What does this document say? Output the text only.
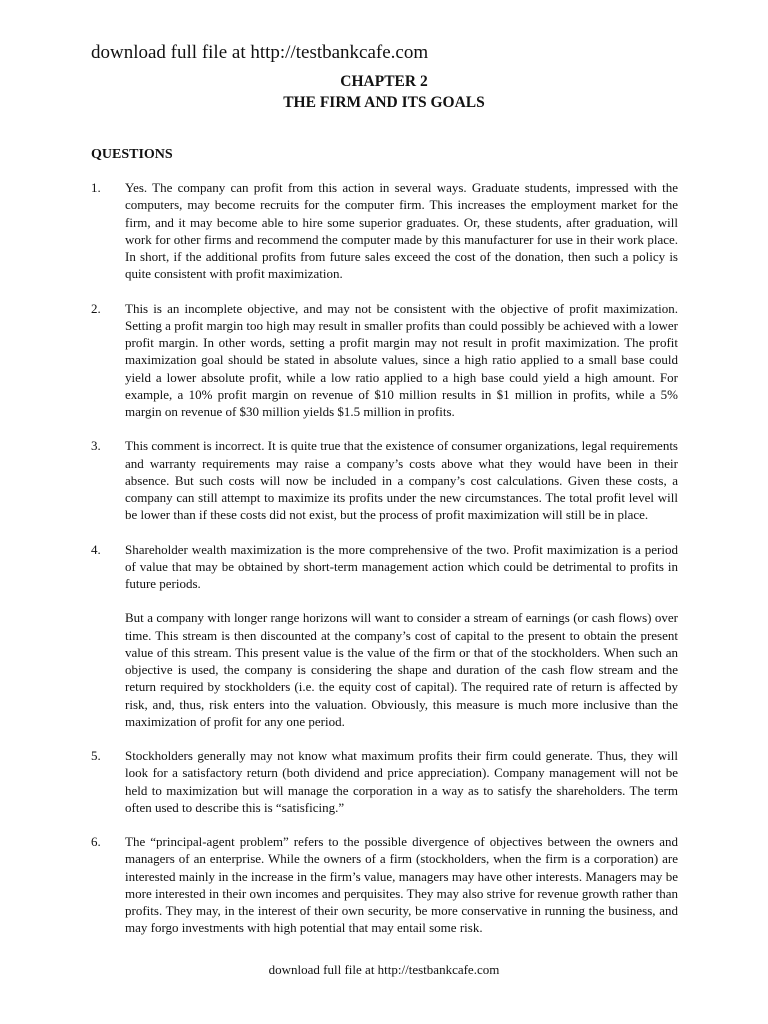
download full file at http://testbankcafe.com
CHAPTER 2
THE FIRM AND ITS GOALS
QUESTIONS
1.	Yes. The company can profit from this action in several ways. Graduate students, impressed with the computers, may become recruits for the computer firm. This increases the employment market for the firm, and it may become able to hire some superior graduates. Or, these students, after graduation, will work for other firms and recommend the computer made by this manufacturer for use in their work place. In short, if the additional profits from future sales exceed the cost of the donation, then such a policy is quite consistent with profit maximization.

2.	This is an incomplete objective, and may not be consistent with the objective of profit maximization. Setting a profit margin too high may result in smaller profits than could possibly be achieved with a lower profit margin. In other words, setting a profit margin may not result in profit maximization. The profit maximization goal should be stated in absolute values, since a high ratio applied to a small base could yield a lower absolute profit, while a low ratio applied to a high base could yield a high amount. For example, a 10% profit margin on revenue of $10 million results in $1 million in profits, while a 5% margin on revenue of $30 million yields $1.5 million in profits.

3.	This comment is incorrect. It is quite true that the existence of consumer organizations, legal requirements and warranty requirements may raise a company’s costs above what they would have been in their absence. But such costs will now be included in a company’s cost calculations. Given these costs, a company can still attempt to maximize its profits under the new circumstances. The total profit level will be lower than if these costs did not exist, but the process of profit maximization will still be in place.

4.	Shareholder wealth maximization is the more comprehensive of the two. Profit maximization is a period of value that may be obtained by short-term management action which could be detrimental to profits in future periods.

But a company with longer range horizons will want to consider a stream of earnings (or cash flows) over time. This stream is then discounted at the company’s cost of capital to the present to obtain the present value of this stream. This present value is the value of the firm or that of the stockholders. When such an objective is used, the company is considering the shape and duration of the cash flow stream and the return required by stockholders (i.e. the equity cost of capital). The required rate of return is affected by risk, and, thus, risk enters into the valuation. Obviously, this measure is much more inclusive than the maximization of profit for any one period.

5.	Stockholders generally may not know what maximum profits their firm could generate. Thus, they will look for a satisfactory return (both dividend and price appreciation). Company management will not be held to maximization but will manage the corporation in a way as to satisfy the shareholders. The term often used to describe this is “satisficing.”

6.	The “principal-agent problem” refers to the possible divergence of objectives between the owners and managers of an enterprise. While the owners of a firm (stockholders, when the firm is a corporation) are interested mainly in the increase in the firm’s value, managers may have other interests. Managers may be more interested in their own incomes and perquisites. They may also strive for revenue growth rather than profits. They may, in the interest of their own security, be more conservative in running the business, and may forgo investments with high potential that may entail some risk.

download full file at http://testbankcafe.com
